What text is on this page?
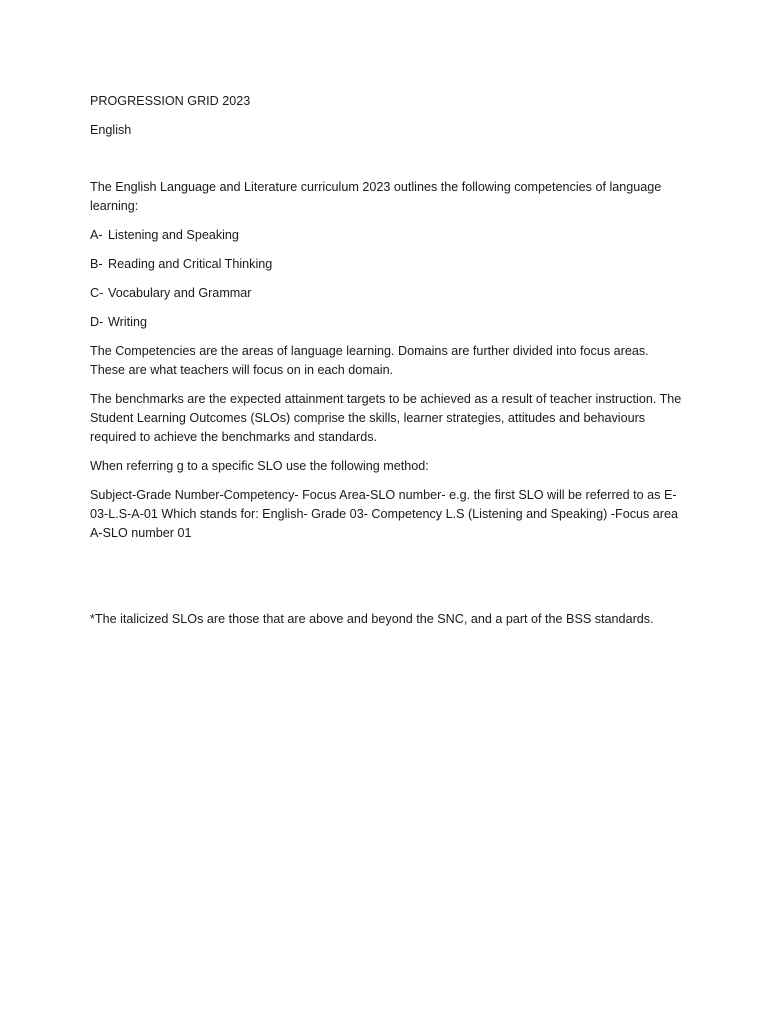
PROGRESSION GRID 2023

English

The English Language and Literature curriculum 2023 outlines the following competencies of language learning:

A- Listening and Speaking
B- Reading and Critical Thinking
C- Vocabulary and Grammar
D- Writing

The Competencies are the areas of language learning. Domains are further divided into focus areas. These are what teachers will focus on in each domain.

The benchmarks are the expected attainment targets to be achieved as a result of teacher instruction. The Student Learning Outcomes (SLOs) comprise the skills, learner strategies, attitudes and behaviours required to achieve the benchmarks and standards.

When referring g to a specific SLO use the following method:

Subject-Grade Number-Competency- Focus Area-SLO number- e.g. the first SLO will be referred to as E-03-L.S-A-01 Which stands for: English- Grade 03- Competency L.S (Listening and Speaking) -Focus area A-SLO number 01

*The italicized SLOs are those that are above and beyond the SNC, and a part of the BSS standards.
